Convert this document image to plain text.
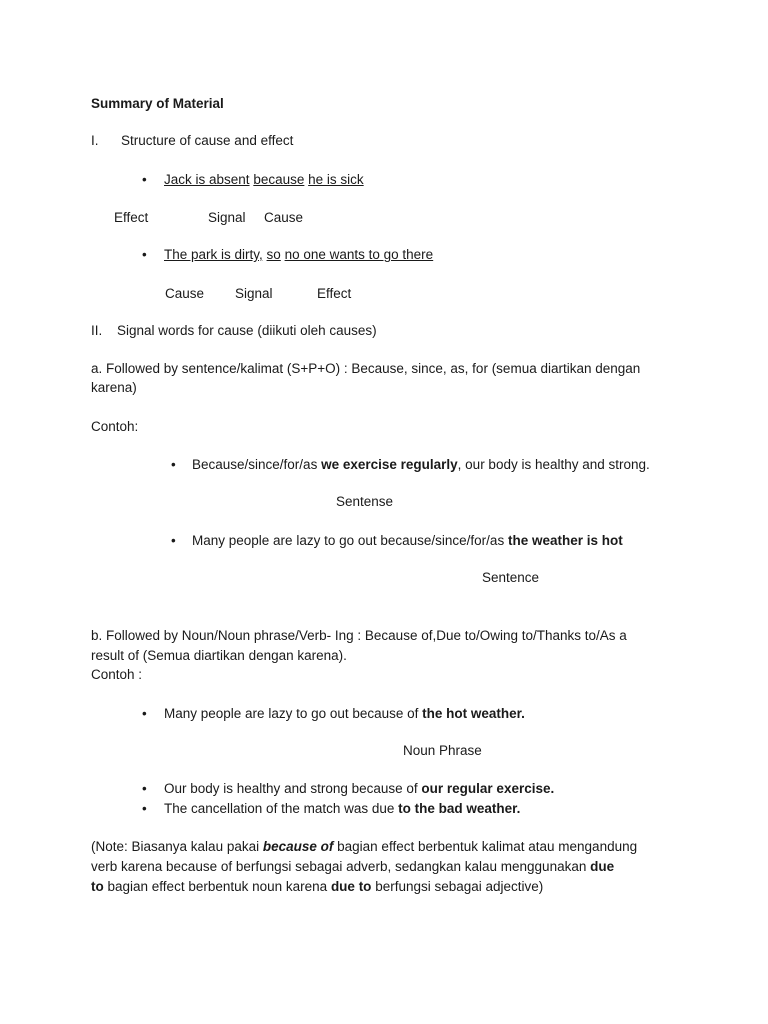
Summary of Material
I. Structure of cause and effect
• Jack is absent because he is sick
Effect	Signal Cause
• The park is dirty, so no one wants to go there
Cause Signal	Effect
II. Signal words for cause (diikuti oleh causes)
a. Followed by sentence/kalimat (S+P+O) : Because, since, as, for (semua diartikan dengan
karena)
Contoh:
• Because/since/for/as we exercise regularly, our body is healthy and strong.
Sentense
• Many people are lazy to go out because/since/for/as the weather is hot
Sentence
b. Followed by Noun/Noun phrase/Verb- Ing : Because of,Due to/Owing to/Thanks to/As a
result of (Semua diartikan dengan karena).
Contoh :
• Many people are lazy to go out because of the hot weather.
Noun Phrase
• Our body is healthy and strong because of our regular exercise.
• The cancellation of the match was due to the bad weather.
(Note: Biasanya kalau pakai because of bagian effect berbentuk kalimat atau mengandung
verb karena because of berfungsi sebagai adverb, sedangkan kalau menggunakan due
to bagian effect berbentuk noun karena due to berfungsi sebagai adjective)
